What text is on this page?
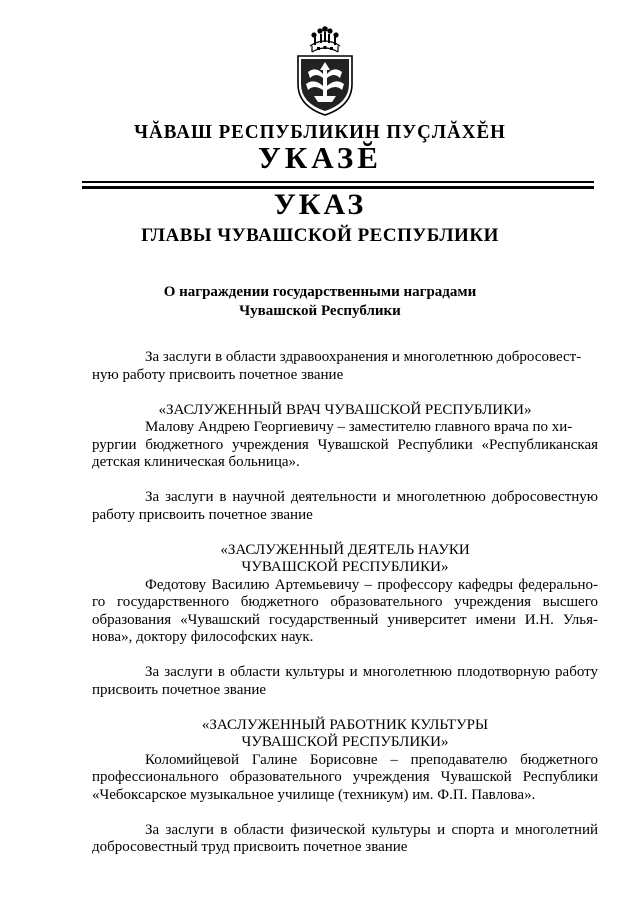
ЧĂВАШ РЕСПУБЛИКИН ПУÇЛĂХĔН
УКАЗĔ
УКАЗ
ГЛАВЫ ЧУВАШСКОЙ РЕСПУБЛИКИ
О награждении государственными наградами
Чувашской Республики
За заслуги в области здравоохранения и многолетнюю добросовест-
ную работу присвоить почетное звание
«ЗАСЛУЖЕННЫЙ ВРАЧ ЧУВАШСКОЙ РЕСПУБЛИКИ»
Малову Андрею Георгиевичу – заместителю главного врача по хи-
рургии бюджетного учреждения Чувашской Республики «Республиканская
детская клиническая больница».
За заслуги в научной деятельности и многолетнюю добросовестную
работу присвоить почетное звание
«ЗАСЛУЖЕННЫЙ ДЕЯТЕЛЬ НАУКИ
ЧУВАШСКОЙ РЕСПУБЛИКИ»
Федотову Василию Артемьевичу – профессору кафедры федерально-
го государственного бюджетного образовательного учреждения высшего
образования «Чувашский государственный университет имени И.Н. Улья-
нова», доктору философских наук.
За заслуги в области культуры и многолетнюю плодотворную работу
присвоить почетное звание
«ЗАСЛУЖЕННЫЙ РАБОТНИК КУЛЬТУРЫ
ЧУВАШСКОЙ РЕСПУБЛИКИ»
Коломийцевой Галине Борисовне – преподавателю бюджетного
профессионального образовательного учреждения Чувашской Республики
«Чебоксарское музыкальное училище (техникум) им. Ф.П. Павлова».
За заслуги в области физической культуры и спорта и многолетний
добросовестный труд присвоить почетное звание
